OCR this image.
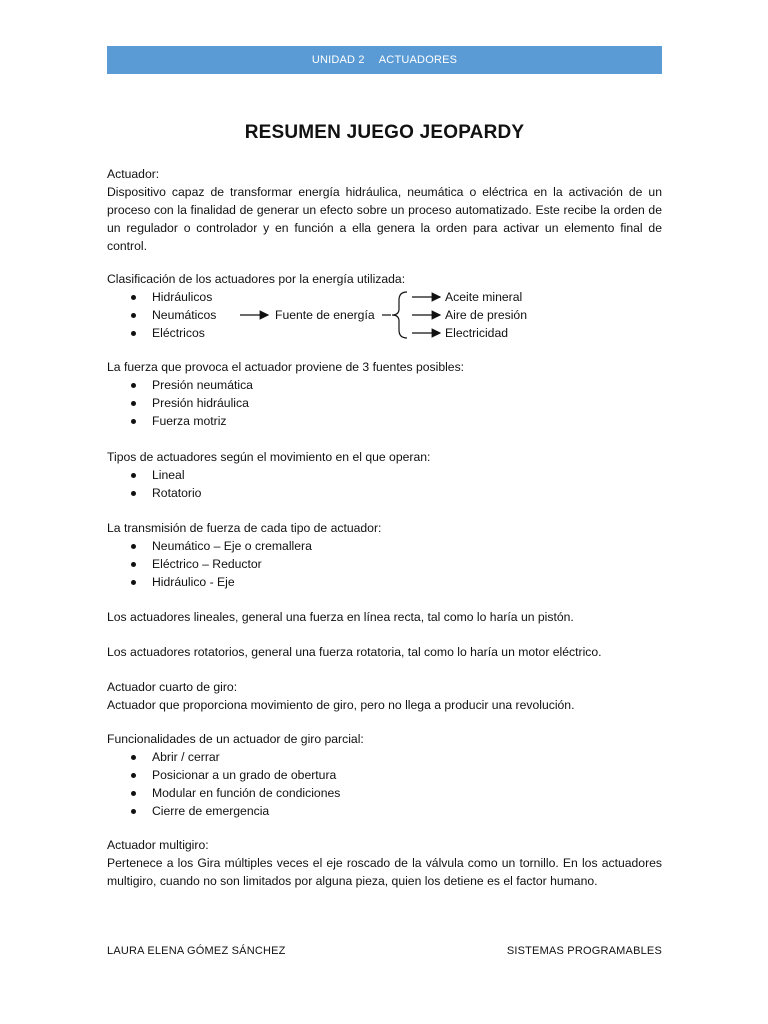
UNIDAD 2 ACTUADORES
RESUMEN JUEGO JEOPARDY

Actuador:

Dispositivo capaz de transformar energía hidráulica, neumática o eléctrica en la activación de un proceso con la finalidad de generar un efecto sobre un proceso automatizado. Este recibe la orden de un regulador o controlador y en función a ella genera la orden para activar un elemento final de control.

Clasificación de los actuadores por la energía utilizada:
Hidráulicos
Neumáticos
Eléctricos
Fuente de energía
Aceite mineral
Aire de presión
Electricidad

La fuerza que provoca el actuador proviene de 3 fuentes posibles:

Presión neumática
Presión hidráulica
Fuerza motriz

Tipos de actuadores según el movimiento en el que operan:

Lineal
Rotatorio

La transmisión de fuerza de cada tipo de actuador:

Neumático – Eje o cremallera
Eléctrico – Reductor
Hidráulico - Eje
Los actuadores lineales, general una fuerza en línea recta, tal como lo haría un pistón.
Los actuadores rotatorios, general una fuerza rotatoria, tal como lo haría un motor eléctrico.

Actuador cuarto de giro:

Actuador que proporciona movimiento de giro, pero no llega a producir una revolución.

Funcionalidades de un actuador de giro parcial:

Abrir / cerrar
Posicionar a un grado de obertura
Modular en función de condiciones
Cierre de emergencia

Actuador multigiro:

Pertenece a los Gira múltiples veces el eje roscado de la válvula como un tornillo. En los actuadores multigiro, cuando no son limitados por alguna pieza, quien los detiene es el factor humano.

LAURA ELENA GÓMEZ SÁNCHEZ	SISTEMAS PROGRAMABLES
